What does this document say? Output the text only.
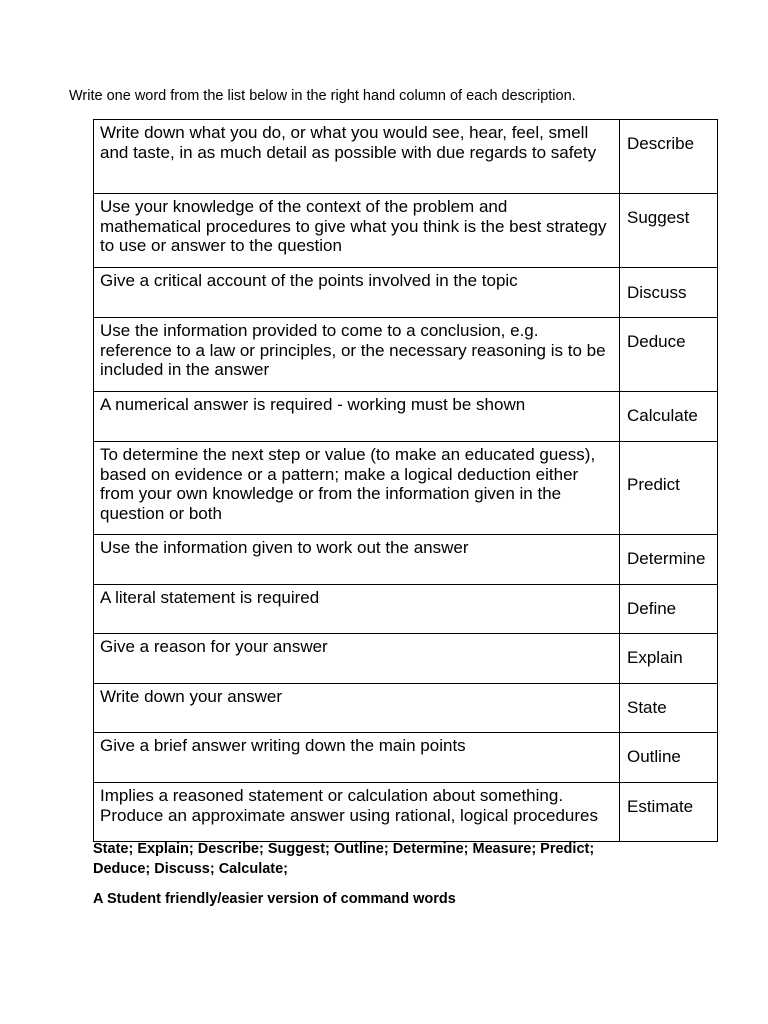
Write one word from the list below in the right hand column of each description.
Write down what you do, or what you would see, hear, feel, smell and taste, in as much detail as possible with due regards to safety	Describe
Use your knowledge of the context of the problem and mathematical procedures to give what you think is the best strategy to use or answer to the question	Suggest
Give a critical account of the points involved in the topic	Discuss
Use the information provided to come to a conclusion, e.g. reference to a law or principles, or the necessary reasoning is to be included in the answer	Deduce
A numerical answer is required - working must be shown	Calculate
To determine the next step or value (to make an educated guess), based on evidence or a pattern; make a logical deduction either from your own knowledge or from the information given in the question or both	Predict
Use the information given to work out the answer	Determine
A literal statement is required	Define
Give a reason for your answer	Explain
Write down your answer	State
Give a brief answer writing down the main points	Outline
Implies a reasoned statement or calculation about something. Produce an approximate answer using rational, logical procedures	Estimate
State; Explain; Describe; Suggest; Outline; Determine; Measure; Predict; Deduce; Discuss; Calculate;
A Student friendly/easier version of command words
